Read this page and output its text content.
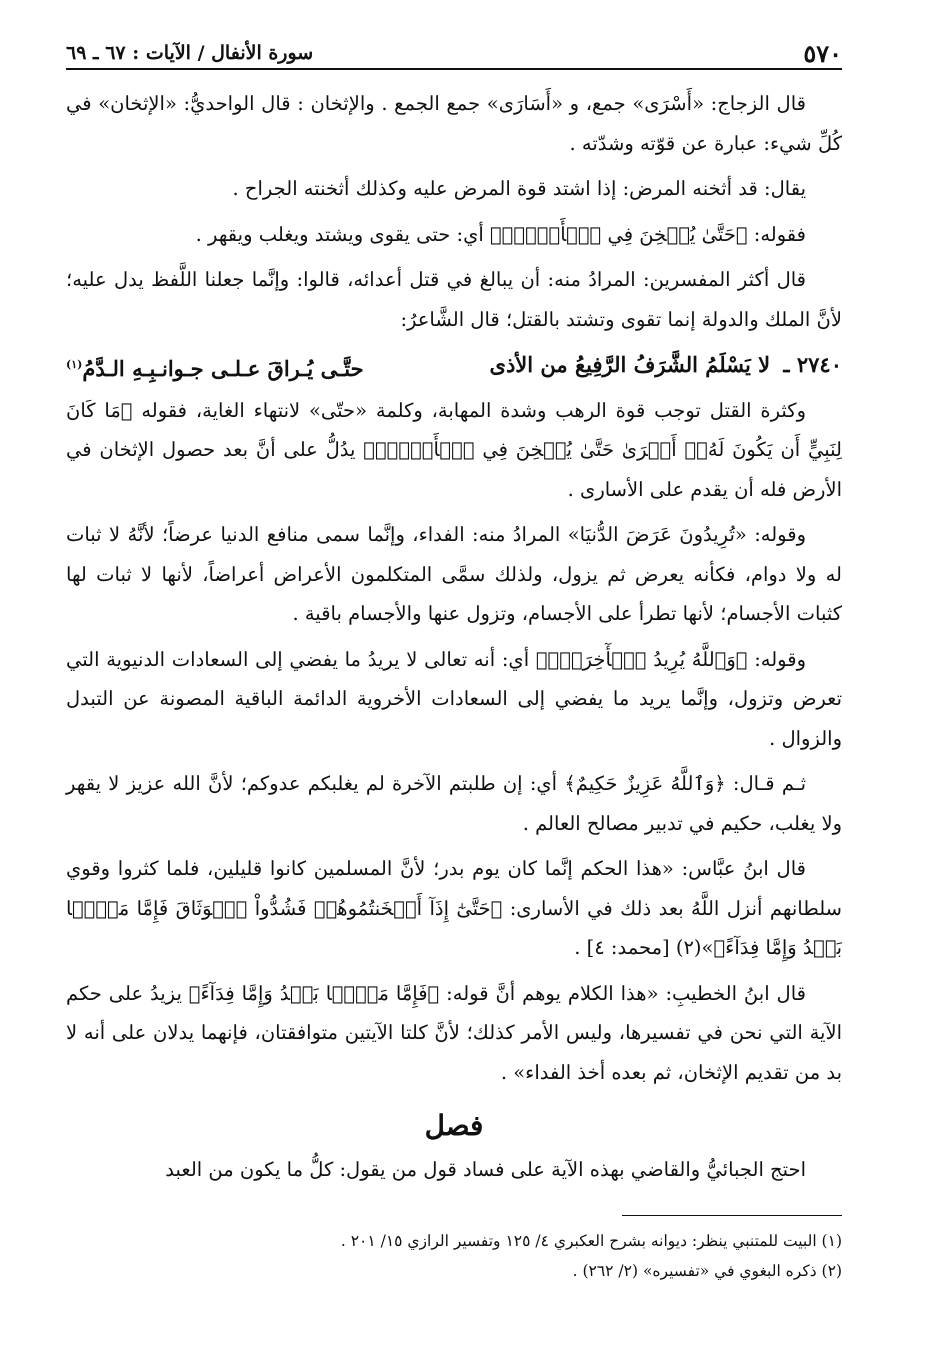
٥٧٠
سورة الأنفال / الآيات : ٦٧ ـ ٦٩

قال الزجاج: «أَسْرَى» جمع، و «أَسَارَى» جمع الجمع . والإثخان : قال الواحديُّ: «الإثخان» في كُلِّ شيء: عبارة عن قوّته وشدّته .

يقال: قد أثخنه المرض: إذا اشتد قوة المرض عليه وكذلك أثخنته الجراح .

فقوله: ﴿حَتَّىٰ يُثۡخِنَ فِي ٱلۡأَرۡضِۚ﴾ أي: حتى يقوى ويشتد ويغلب ويقهر .

قال أكثر المفسرين: المرادُ منه: أن يبالغ في قتل أعدائه، قالوا: وإنَّما جعلنا اللَّفظ يدل عليه؛ لأنَّ الملك والدولة إنما تقوى وتشتد بالقتل؛ قال الشَّاعرُ:

٢٧٤٠ ـ لا يَسْلَمُ الشَّرَفُ الرَّفِيعُ من الأذى
حتَّـى يُـراقَ عـلـى جـوانـبِـهِ الـدَّمُ$^{(١)}$

وكثرة القتل توجب قوة الرهب وشدة المهابة، وكلمة «حتّى» لانتهاء الغاية، فقوله ﴿مَا كَانَ لِنَبِيٍّ أَن يَكُونَ لَهُۥٓ أَسۡرَىٰ حَتَّىٰ يُثۡخِنَ فِي ٱلۡأَرۡضِۚ﴾ يدُلُّ على أنَّ بعد حصول الإثخان في الأرض فله أن يقدم على الأسارى .

وقوله: «تُرِيدُونَ عَرَضَ الدُّنيَا» المرادُ منه: الفداء، وإنَّما سمى منافع الدنيا عرضاً؛ لأنَّهُ لا ثبات له ولا دوام، فكأنه يعرض ثم يزول، ولذلك سمَّى المتكلمون الأعراض أعراضاً، لأنها لا ثبات لها كثبات الأجسام؛ لأنها تطرأ على الأجسام، وتزول عنها والأجسام باقية .

وقوله: ﴿وَٱللَّهُ يُرِيدُ ٱلۡأٓخِرَةَۗ﴾ أي: أنه تعالى لا يريدُ ما يفضي إلى السعادات الدنيوية التي تعرض وتزول، وإنَّما يريد ما يفضي إلى السعادات الأخروية الدائمة الباقية المصونة عن التبدل والزوال .

ثـم قـال: ﴿وَٱللَّهُ عَزِيزٌ حَكِيمٌ﴾ أي: إن طلبتم الآخرة لم يغلبكم عدوكم؛ لأنَّ الله عزيز لا يقهر ولا يغلب، حكيم في تدبير مصالح العالم .

قال ابنُ عبَّاس: «هذا الحكم إنَّما كان يوم بدر؛ لأنَّ المسلمين كانوا قليلين، فلما كثروا وقوي سلطانهم أنزل اللَّهُ بعد ذلك في الأسارى: ﴿حَتَّىٰٓ إِذَآ أَثۡخَنتُمُوهُمۡ فَشُدُّواْ ٱلۡوَثَاقَ فَإِمَّا مَنَّۢا بَعۡدُ وَإِمَّا فِدَآءً﴾»(٢) [محمد: ٤] .

قال ابنُ الخطيبِ: «هذا الكلام يوهم أنَّ قوله: ﴿فَإِمَّا مَنَّۢا بَعۡدُ وَإِمَّا فِدَآءً﴾ يزيدُ على حكم الآية التي نحن في تفسيرها، وليس الأمر كذلك؛ لأنَّ كلتا الآيتين متوافقتان، فإنهما يدلان على أنه لا بد من تقديم الإثخان، ثم بعده أخذ الفداء» .

فصل

احتج الجبائيُّ والقاضي بهذه الآية على فساد قول من يقول: كلُّ ما يكون من العبد

(١) البيت للمتنبي ينظر: ديوانه بشرح العكبري ٤/ ١٢٥ وتفسير الرازي ١٥/ ٢٠١ .

(٢) ذكره البغوي في «تفسيره» (٢/ ٢٦٢) .
